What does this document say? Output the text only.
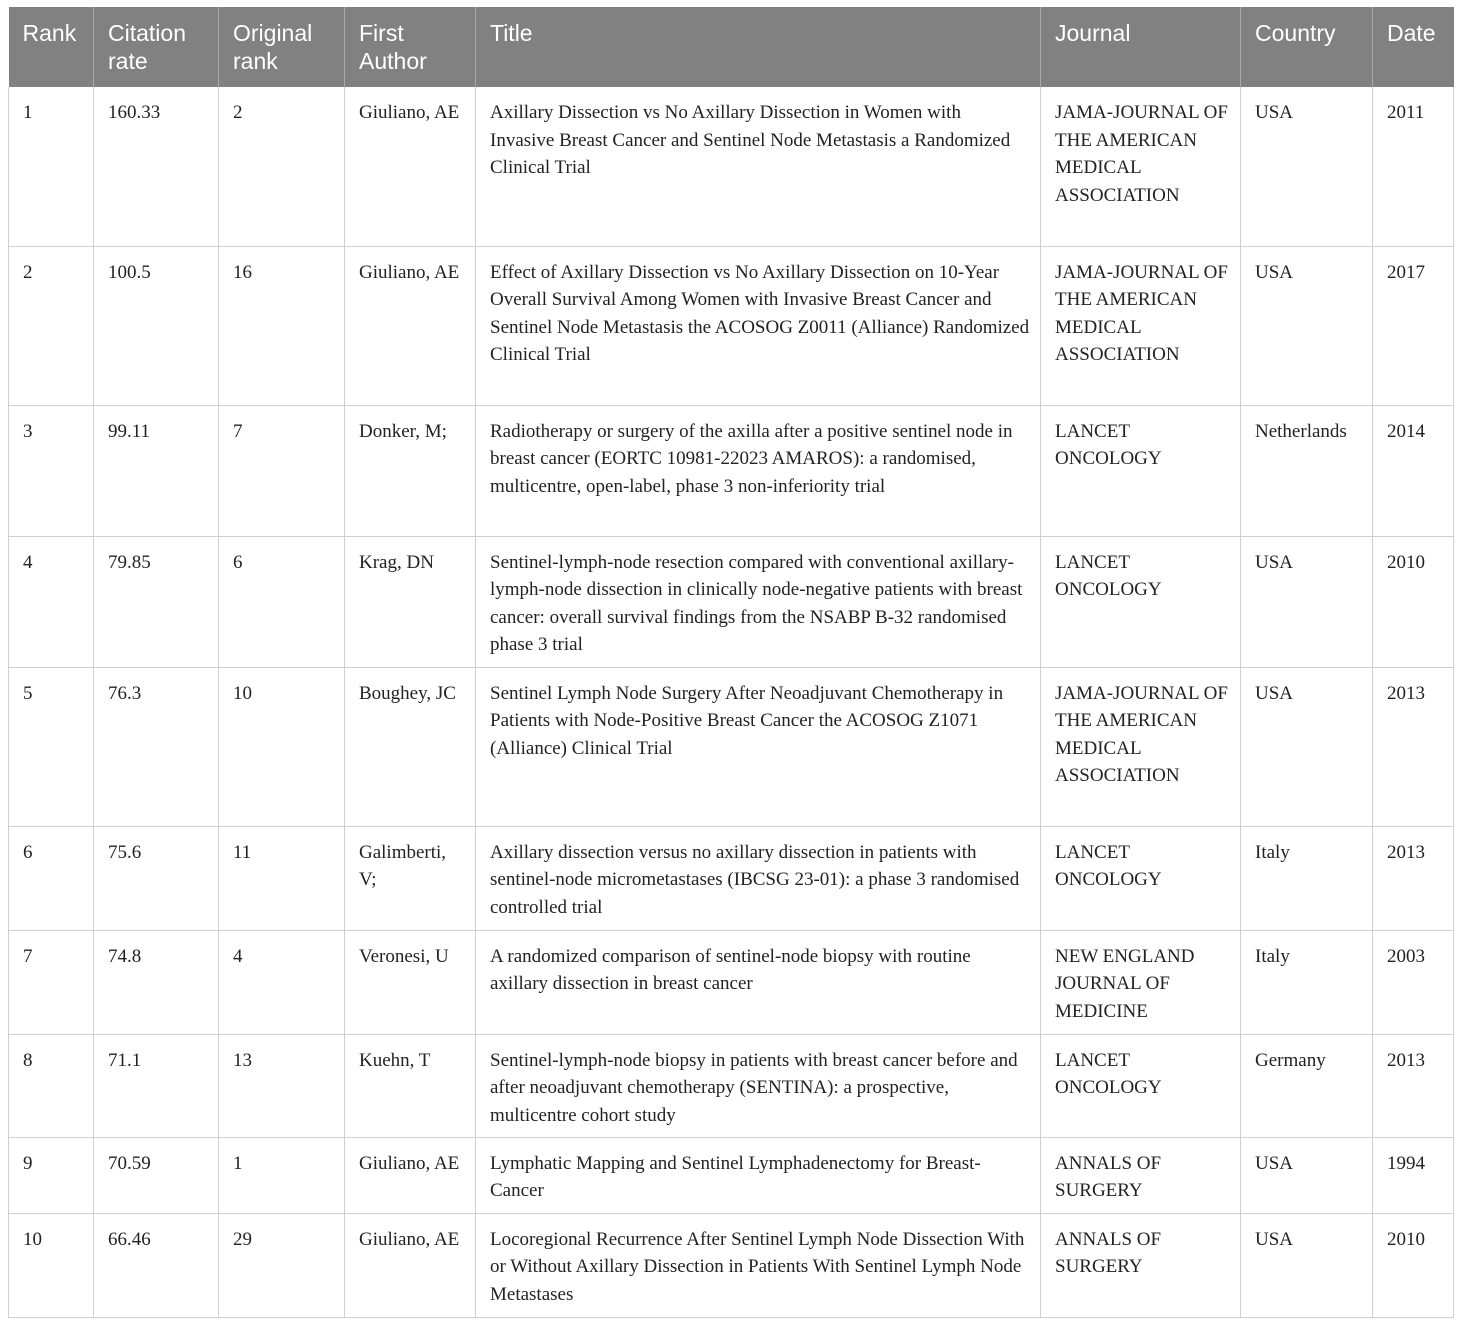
Rank	Citation rate	Original rank	First Author	Title	Journal	Country	Date
1	160.33	2	Giuliano, AE	Axillary Dissection vs No Axillary Dissection in Women with Invasive Breast Cancer and Sentinel Node Metastasis a Randomized Clinical Trial	JAMA-JOURNAL OF THE AMERICAN MEDICAL ASSOCIATION	USA	2011
2	100.5	16	Giuliano, AE	Effect of Axillary Dissection vs No Axillary Dissection on 10-Year Overall Survival Among Women with Invasive Breast Cancer and Sentinel Node Metastasis the ACOSOG Z0011 (Alliance) Randomized Clinical Trial	JAMA-JOURNAL OF THE AMERICAN MEDICAL ASSOCIATION	USA	2017
3	99.11	7	Donker, M;	Radiotherapy or surgery of the axilla after a positive sentinel node in breast cancer (EORTC 10981-22023 AMAROS): a randomised, multicentre, open-label, phase 3 non-inferiority trial	LANCET ONCOLOGY	Netherlands	2014
4	79.85	6	Krag, DN	Sentinel-lymph-node resection compared with conventional axillary-lymph-node dissection in clinically node-negative patients with breast cancer: overall survival findings from the NSABP B-32 randomised phase 3 trial	LANCET ONCOLOGY	USA	2010
5	76.3	10	Boughey, JC	Sentinel Lymph Node Surgery After Neoadjuvant Chemotherapy in Patients with Node-Positive Breast Cancer the ACOSOG Z1071 (Alliance) Clinical Trial	JAMA-JOURNAL OF THE AMERICAN MEDICAL ASSOCIATION	USA	2013
6	75.6	11	Galimberti, V;	Axillary dissection versus no axillary dissection in patients with sentinel-node micrometastases (IBCSG 23-01): a phase 3 randomised controlled trial	LANCET ONCOLOGY	Italy	2013
7	74.8	4	Veronesi, U	A randomized comparison of sentinel-node biopsy with routine axillary dissection in breast cancer	NEW ENGLAND JOURNAL OF MEDICINE	Italy	2003
8	71.1	13	Kuehn, T	Sentinel-lymph-node biopsy in patients with breast cancer before and after neoadjuvant chemotherapy (SENTINA): a prospective, multicentre cohort study	LANCET ONCOLOGY	Germany	2013
9	70.59	1	Giuliano, AE	Lymphatic Mapping and Sentinel Lymphadenectomy for Breast-Cancer	ANNALS OF SURGERY	USA	1994
10	66.46	29	Giuliano, AE	Locoregional Recurrence After Sentinel Lymph Node Dissection With or Without Axillary Dissection in Patients With Sentinel Lymph Node Metastases	ANNALS OF SURGERY	USA	2010
